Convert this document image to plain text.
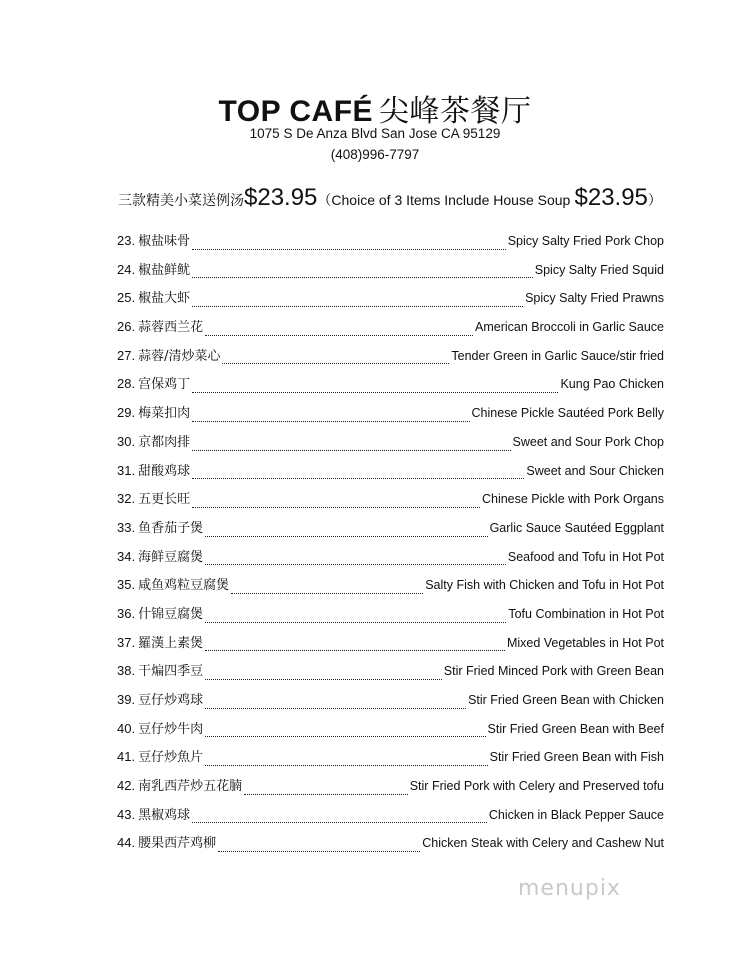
TOP CAFÉ 尖峰茶餐厅
1075 S De Anza Blvd San Jose CA 95129
(408)996-7797
三款精美小菜送例汤$23.95（Choice of 3 Items Include House Soup $23.95）
23. 椒盐味骨	Spicy Salty Fried Pork Chop
24. 椒盐鲜鱿	Spicy Salty Fried Squid
25. 椒盐大虾	Spicy Salty Fried Prawns
26. 蒜蓉西兰花	American Broccoli in Garlic Sauce
27. 蒜蓉/清炒菜心	Tender Green in Garlic Sauce/stir fried
28. 宫保鸡丁	Kung Pao Chicken
29. 梅菜扣肉	Chinese Pickle Sautéed Pork Belly
30. 京都肉排	Sweet and Sour Pork Chop
31. 甜酸鸡球	Sweet and Sour Chicken
32. 五更长旺	Chinese Pickle with Pork Organs
33. 鱼香茄子煲	Garlic Sauce Sautéed Eggplant
34. 海鲜豆腐煲	Seafood and Tofu in Hot Pot
35. 咸鱼鸡粒豆腐煲	Salty Fish with Chicken and Tofu in Hot Pot
36. 什锦豆腐煲	Tofu Combination in Hot Pot
37. 羅漢上素煲	Mixed Vegetables in Hot Pot
38. 干煸四季豆	Stir Fried Minced Pork with Green Bean
39. 豆仔炒鸡球	Stir Fried Green Bean with Chicken
40. 豆仔炒牛肉	Stir Fried Green Bean with Beef
41. 豆仔炒魚片	Stir Fried Green Bean with Fish
42. 南乳西芹炒五花腩	Stir Fried Pork with Celery and Preserved tofu
43. 黑椒鸡球	Chicken in Black Pepper Sauce
44. 腰果西芹鸡柳	Chicken Steak with Celery and Cashew Nut
menupix
